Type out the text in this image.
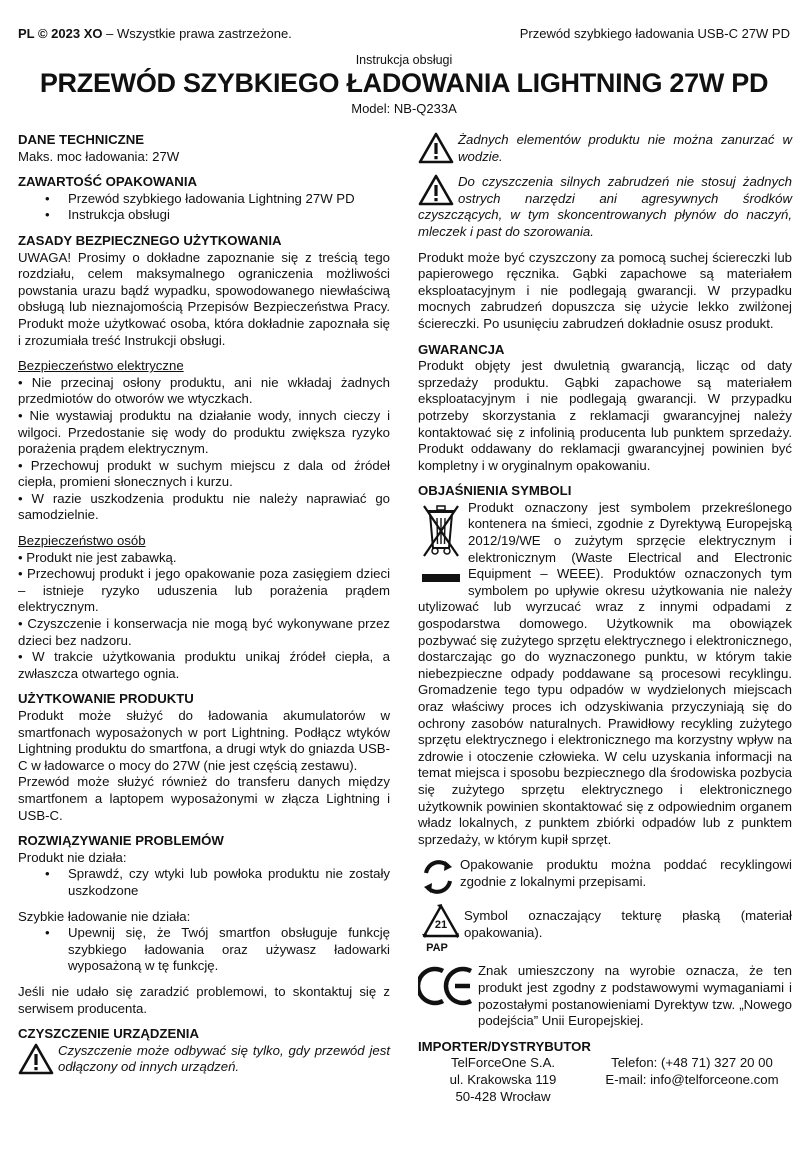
PL © 2023 XO – Wszystkie prawa zastrzeżone.	Przewód szybkiego ładowania USB-C 27W PD
Instrukcja obsługi
PRZEWÓD SZYBKIEGO ŁADOWANIA LIGHTNING 27W PD
Model: NB-Q233A
DANE TECHNICZNE

Maks. moc ładowania: 27W

ZAWARTOŚĆ OPAKOWANIA
• Przewód szybkiego ładowania Lightning 27W PD
• Instrukcja obsługi
ZASADY BEZPIECZNEGO UŻYTKOWANIA

UWAGA! Prosimy o dokładne zapoznanie się z treścią tego rozdziału, celem maksymalnego ograniczenia możliwości powstania urazu bądź wypadku, spowodowanego niewłaściwą obsługą lub nieznajomością Przepisów Bezpieczeństwa Pracy. Produkt może użytkować osoba, która dokładnie zapoznała się i zrozumiała treść Instrukcji obsługi.

Bezpieczeństwo elektryczne

• Nie przecinaj osłony produktu, ani nie wkładaj żadnych przedmiotów do otworów we wtyczkach.

• Nie wystawiaj produktu na działanie wody, innych cieczy i wilgoci. Przedostanie się wody do produktu zwiększa ryzyko porażenia prądem elektrycznym.

• Przechowuj produkt w suchym miejscu z dala od źródeł ciepła, promieni słonecznych i kurzu.

• W razie uszkodzenia produktu nie należy naprawiać go samodzielnie.

Bezpieczeństwo osób

• Produkt nie jest zabawką.

• Przechowuj produkt i jego opakowanie poza zasięgiem dzieci – istnieje ryzyko uduszenia lub porażenia prądem elektrycznym.

• Czyszczenie i konserwacja nie mogą być wykonywane przez dzieci bez nadzoru.

• W trakcie użytkowania produktu unikaj źródeł ciepła, a zwłaszcza otwartego ognia.

UŻYTKOWANIE PRODUKTU

Produkt może służyć do ładowania akumulatorów w smartfonach wyposażonych w port Lightning. Podłącz wtyków Lightning produktu do smartfona, a drugi wtyk do gniazda USB-C w ładowarce o mocy do 27W (nie jest częścią zestawu).

Przewód może służyć również do transferu danych między smartfonem a laptopem wyposażonymi w złącza Lightning i USB-C.

ROZWIĄZYWANIE PROBLEMÓW

Produkt nie działa:

• Sprawdź, czy wtyki lub powłoka produktu nie zostały uszkodzone

Szybkie ładowanie nie działa:

• Upewnij się, że Twój smartfon obsługuje funkcję szybkiego ładowania oraz używasz ładowarki wyposażoną w tę funkcję.

Jeśli nie udało się zaradzić problemowi, to skontaktuj się z serwisem producenta.

CZYSZCZENIE URZĄDZENIA

Czyszczenie może odbywać się tylko, gdy przewód jest odłączony od innych urządzeń.

Żadnych elementów produktu nie można zanurzać w wodzie.

Do czyszczenia silnych zabrudzeń nie stosuj żadnych ostrych narzędzi ani agresywnych środków czyszczących, w tym skoncentrowanych płynów do naczyń, mleczek i past do szorowania.

Produkt może być czyszczony za pomocą suchej ściereczki lub papierowego ręcznika. Gąbki zapachowe są materiałem eksploatacyjnym i nie podlegają gwarancji. W przypadku mocnych zabrudzeń dopuszcza się użycie lekko zwilżonej ściereczki. Po usunięciu zabrudzeń dokładnie osusz produkt.

GWARANCJA

Produkt objęty jest dwuletnią gwarancją, licząc od daty sprzedaży produktu. Gąbki zapachowe są materiałem eksploatacyjnym i nie podlegają gwarancji. W przypadku potrzeby skorzystania z reklamacji gwarancyjnej należy kontaktować się z infolinią producenta lub punktem sprzedaży. Produkt oddawany do reklamacji gwarancyjnej powinien być kompletny i w oryginalnym opakowaniu.

OBJAŚNIENIA SYMBOLI

Produkt oznaczony jest symbolem przekreślonego kontenera na śmieci, zgodnie z Dyrektywą Europejską 2012/19/WE o zużytym sprzęcie elektrycznym i elektronicznym (Waste Electrical and Electronic Equipment – WEEE). Produktów oznaczonych tym symbolem po upływie okresu użytkowania nie należy utylizować lub wyrzucać wraz z innymi odpadami z gospodarstwa domowego. Użytkownik ma obowiązek pozbywać się zużytego sprzętu elektrycznego i elektronicznego, dostarczając go do wyznaczonego punktu, w którym takie niebezpieczne odpady poddawane są procesowi recyklingu. Gromadzenie tego typu odpadów w wydzielonych miejscach oraz właściwy proces ich odzyskiwania przyczyniają się do ochrony zasobów naturalnych. Prawidłowy recykling zużytego sprzętu elektrycznego i elektronicznego ma korzystny wpływ na zdrowie i otoczenie człowieka. W celu uzyskania informacji na temat miejsca i sposobu bezpiecznego dla środowiska pozbycia się zużytego sprzętu elektrycznego i elektronicznego użytkownik powinien skontaktować się z odpowiednim organem władz lokalnych, z punktem zbiórki odpadów lub z punktem sprzedaży, w którym kupił sprzęt.

Opakowanie produktu można poddać recyklingowi zgodnie z lokalnymi przepisami.

21
PAP

Symbol oznaczający tekturę płaską (materiał opakowania).

Znak umieszczony na wyrobie oznacza, że ten produkt jest zgodny z podstawowymi wymaganiami i pozostałymi postanowieniami Dyrektyw tzw. „Nowego podejścia” Unii Europejskiej.

IMPORTER/DYSTRYBUTOR
TelForceOne S.A.
ul. Krakowska 119
50-428 Wrocław
Telefon: (+48 71) 327 20 00
E-mail: info@telforceone.com
